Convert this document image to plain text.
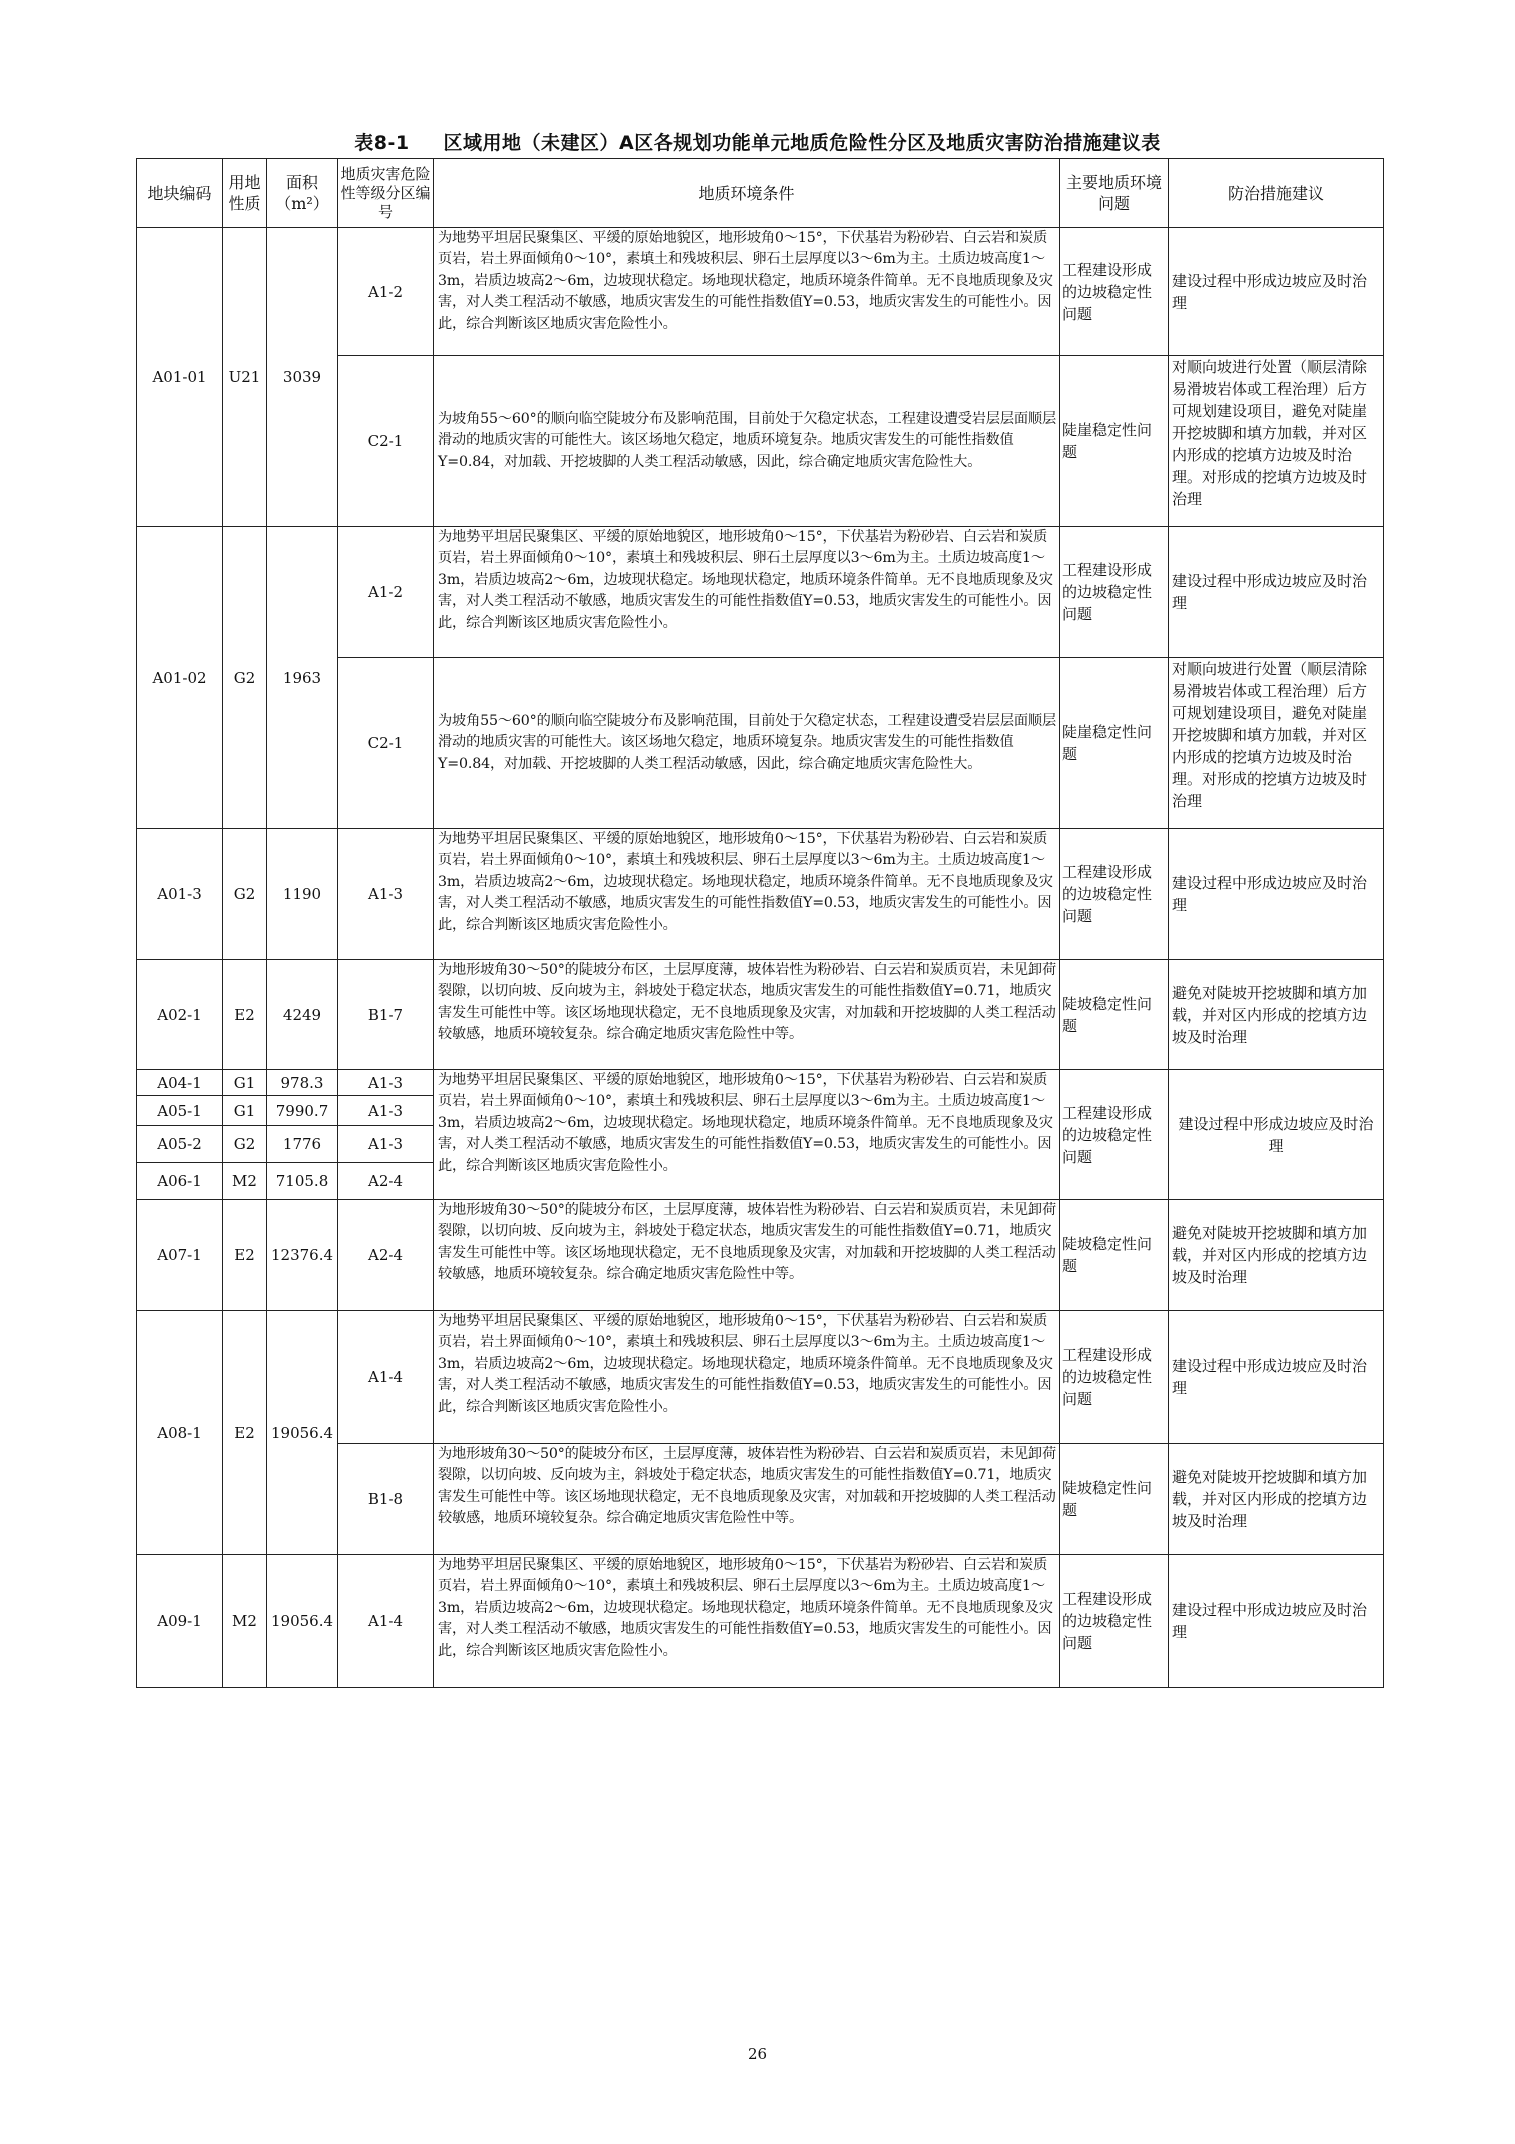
表8-1 区域用地（未建区）A区各规划功能单元地质危险性分区及地质灾害防治措施建议表
地块编码	用地性质	面积（m²）	地质灾害危险性等级分区编号	地质环境条件	主要地质环境问题	防治措施建议
A01-01	U21	3039	A1-2	为地势平坦居民聚集区、平缓的原始地貌区，地形坡角0～15°，下伏基岩为粉砂岩、白云岩和炭质页岩，岩土界面倾角0～10°，素填土和残坡积层、卵石土层厚度以3～6m为主。土质边坡高度1～3m，岩质边坡高2～6m，边坡现状稳定。场地现状稳定，地质环境条件简单。无不良地质现象及灾害，对人类工程活动不敏感，地质灾害发生的可能性指数值Y=0.53，地质灾害发生的可能性小。因此，综合判断该区地质灾害危险性小。	工程建设形成的边坡稳定性问题	建设过程中形成边坡应及时治理
			C2-1	为坡角55～60°的顺向临空陡坡分布及影响范围，目前处于欠稳定状态，工程建设遭受岩层层面顺层滑动的地质灾害的可能性大。该区场地欠稳定，地质环境复杂。地质灾害发生的可能性指数值Y=0.84，对加载、开挖坡脚的人类工程活动敏感，因此，综合确定地质灾害危险性大。	陡崖稳定性问题	对顺向坡进行处置（顺层清除易滑坡岩体或工程治理）后方可规划建设项目，避免对陡崖开挖坡脚和填方加载，并对区内形成的挖填方边坡及时治理。对形成的挖填方边坡及时治理

A01-02	G2	1963	A1-2	为地势平坦居民聚集区、平缓的原始地貌区，地形坡角0～15°，下伏基岩为粉砂岩、白云岩和炭质页岩，岩土界面倾角0～10°，素填土和残坡积层、卵石土层厚度以3～6m为主。土质边坡高度1～3m，岩质边坡高2～6m，边坡现状稳定。场地现状稳定，地质环境条件简单。无不良地质现象及灾害，对人类工程活动不敏感，地质灾害发生的可能性指数值Y=0.53，地质灾害发生的可能性小。因此，综合判断该区地质灾害危险性小。	工程建设形成的边坡稳定性问题	建设过程中形成边坡应及时治理
			C2-1	为坡角55～60°的顺向临空陡坡分布及影响范围，目前处于欠稳定状态，工程建设遭受岩层层面顺层滑动的地质灾害的可能性大。该区场地欠稳定，地质环境复杂。地质灾害发生的可能性指数值Y=0.84，对加载、开挖坡脚的人类工程活动敏感，因此，综合确定地质灾害危险性大。	陡崖稳定性问题	对顺向坡进行处置（顺层清除易滑坡岩体或工程治理）后方可规划建设项目，避免对陡崖开挖坡脚和填方加载，并对区内形成的挖填方边坡及时治理。对形成的挖填方边坡及时治理

A01-3	G2	1190	A1-3	为地势平坦居民聚集区、平缓的原始地貌区，地形坡角0～15°，下伏基岩为粉砂岩、白云岩和炭质页岩，岩土界面倾角0～10°，素填土和残坡积层、卵石土层厚度以3～6m为主。土质边坡高度1～3m，岩质边坡高2～6m，边坡现状稳定。场地现状稳定，地质环境条件简单。无不良地质现象及灾害，对人类工程活动不敏感，地质灾害发生的可能性指数值Y=0.53，地质灾害发生的可能性小。因此，综合判断该区地质灾害危险性小。	工程建设形成的边坡稳定性问题	建设过程中形成边坡应及时治理
A02-1	E2	4249	B1-7	为地形坡角30～50°的陡坡分布区，土层厚度薄，坡体岩性为粉砂岩、白云岩和炭质页岩，未见卸荷裂隙，以切向坡、反向坡为主，斜坡处于稳定状态，地质灾害发生的可能性指数值Y=0.71，地质灾害发生可能性中等。该区场地现状稳定，无不良地质现象及灾害，对加载和开挖坡脚的人类工程活动较敏感，地质环境较复杂。综合确定地质灾害危险性中等。	陡坡稳定性问题	避免对陡坡开挖坡脚和填方加载，并对区内形成的挖填方边坡及时治理
A04-1	G1	978.3	A1-3	为地势平坦居民聚集区、平缓的原始地貌区，地形坡角0～15°，下伏基岩为粉砂岩、白云岩和炭质页岩，岩土界面倾角0～10°，素填土和残坡积层、卵石土层厚度以3～6m为主。土质边坡高度1～3m，岩质边坡高2～6m，边坡现状稳定。场地现状稳定，地质环境条件简单。无不良地质现象及灾害，对人类工程活动不敏感，地质灾害发生的可能性指数值Y=0.53，地质灾害发生的可能性小。因此，综合判断该区地质灾害危险性小。	工程建设形成的边坡稳定性问题	建设过程中形成边坡应及时治理
A05-1	G1	7990.7	A1-3			
A05-2	G2	1776	A1-3			
A06-1	M2	7105.8	A2-4			
A07-1	E2	12376.4	A2-4	为地形坡角30～50°的陡坡分布区，土层厚度薄，坡体岩性为粉砂岩、白云岩和炭质页岩，未见卸荷裂隙，以切向坡、反向坡为主，斜坡处于稳定状态，地质灾害发生的可能性指数值Y=0.71，地质灾害发生可能性中等。该区场地现状稳定，无不良地质现象及灾害，对加载和开挖坡脚的人类工程活动较敏感，地质环境较复杂。综合确定地质灾害危险性中等。	陡坡稳定性问题	避免对陡坡开挖坡脚和填方加载，并对区内形成的挖填方边坡及时治理
A08-1	E2	19056.4	A1-4	为地势平坦居民聚集区、平缓的原始地貌区，地形坡角0～15°，下伏基岩为粉砂岩、白云岩和炭质页岩，岩土界面倾角0～10°，素填土和残坡积层、卵石土层厚度以3～6m为主。土质边坡高度1～3m，岩质边坡高2～6m，边坡现状稳定。场地现状稳定，地质环境条件简单。无不良地质现象及灾害，对人类工程活动不敏感，地质灾害发生的可能性指数值Y=0.53，地质灾害发生的可能性小。因此，综合判断该区地质灾害危险性小。	工程建设形成的边坡稳定性问题	建设过程中形成边坡应及时治理
			B1-8	为地形坡角30～50°的陡坡分布区，土层厚度薄，坡体岩性为粉砂岩、白云岩和炭质页岩，未见卸荷裂隙，以切向坡、反向坡为主，斜坡处于稳定状态，地质灾害发生的可能性指数值Y=0.71，地质灾害发生可能性中等。该区场地现状稳定，无不良地质现象及灾害，对加载和开挖坡脚的人类工程活动较敏感，地质环境较复杂。综合确定地质灾害危险性中等。	陡坡稳定性问题	避免对陡坡开挖坡脚和填方加载，并对区内形成的挖填方边坡及时治理
A09-1	M2	19056.4	A1-4	为地势平坦居民聚集区、平缓的原始地貌区，地形坡角0～15°，下伏基岩为粉砂岩、白云岩和炭质页岩，岩土界面倾角0～10°，素填土和残坡积层、卵石土层厚度以3～6m为主。土质边坡高度1～3m，岩质边坡高2～6m，边坡现状稳定。场地现状稳定，地质环境条件简单。无不良地质现象及灾害，对人类工程活动不敏感，地质灾害发生的可能性指数值Y=0.53，地质灾害发生的可能性小。因此，综合判断该区地质灾害危险性小。	工程建设形成的边坡稳定性问题	建设过程中形成边坡应及时治理
26
